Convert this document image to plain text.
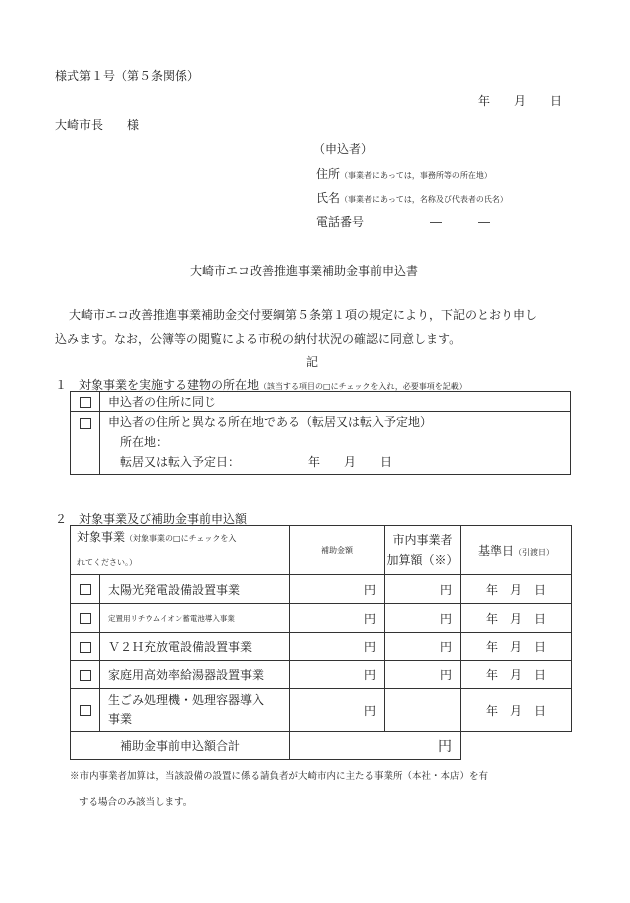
様式第１号（第５条関係）
年　　月　　日
大崎市長　　様
（申込者）
住所（事業者にあっては，事務所等の所在地）
氏名（事業者にあっては，名称及び代表者の氏名）
電話番号	―　　　―
大崎市エコ改善推進事業補助金事前申込書
大崎市エコ改善推進事業補助金交付要綱第５条第１項の規定により，下記のとおり申し
込みます。なお，公簿等の閲覧による市税の納付状況の確認に同意します。
記
１　対象事業を実施する建物の所在地（該当する項目の□にチェックを入れ，必要事項を記載）
	申込者の住所に同じ

	申込者の住所と異なる所在地である（転居又は転入予定地）
所在地：
転居又は転入予定日： 年　　月　　日
２　対象事業及び補助金事前申込額
対象事業（対象事業の□にチェックを入
れてください。）		補助金額	市内事業者
加算額（※）	基準日（引渡日）
	太陽光発電設備設置事業	円	円	年　月　日
	定置用リチウムイオン蓄電池導入事業	円	円	年　月　日
	Ｖ２Ｈ充放電設備設置事業	円	円	年　月　日
	家庭用高効率給湯器設置事業	円	円	年　月　日
	生ごみ処理機・処理容器導入
事業	円		年　月　日
補助金事前申込額合計		円		
※市内事業者加算は，当該設備の設置に係る請負者が大崎市内に主たる事業所（本社・本店）を有
する場合のみ該当します。
